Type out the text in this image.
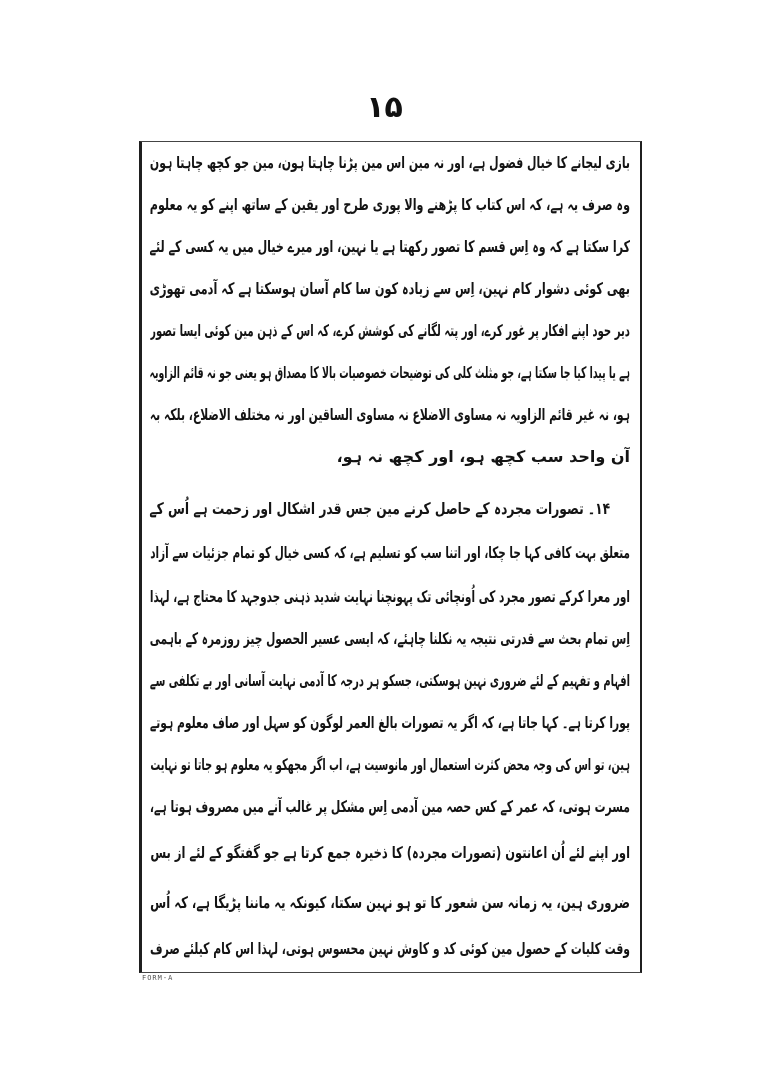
۱۵
بازی لیجانے کا خیال فضول ہے، اور نہ مین اس مین پڑنا چاہتا ہون، مین جو کچھ چاہتا ہون
وہ صرف یہ ہے، کہ اس کتاب کا پڑھنے والا پوری طرح اور یقین کے ساتھ اپنے کو یہ معلوم
کرا سکتا ہے کہ وہ اِس قسم کا تصور رکھتا ہے یا نہین، اور میرے خیال میں یہ کسی کے لئے
بھی کوئی دشوار کام نہین، اِس سے زیادہ کون سا کام آسان ہوسکتا ہے کہ آدمی تھوڑی
دیر حود اپنے افکار پر غور کرے، اور پتہ لگانے کی کوشش کرے، کہ اس کے ذہن مین کوئی ایسا تصور
ہے یا پیدا کیا جا سکتا ہے، جو مثلث کلی کی توضیحات خصوصیات بالا کا مصداق ہو یعنی جو نہ قائم الزاویہ
ہو، نہ غیر قائم الزاویہ نہ مساوی الاضلاع نہ مساوی الساقین اور نہ مختلف الاضلاع، بلکہ بہ
آن واحد سب کچھ ہو، اور کچھ نہ ہو،
۱۴۔ تصورات مجردہ کے حاصل کرنے مین جس قدر اشکال اور زحمت ہے اُس کے
متعلق بہت کافی کہا جا چکا، اور اتنا سب کو تسلیم ہے، کہ کسی خیال کو تمام جزئیات سے آزاد
اور معرا کرکے تصور مجرد کی اُونچائی تک پہونچنا نہایت شدید ذہنی جدوجہد کا محتاج ہے، لہذا
اِس تمام بحث سے قدرتی نتیجہ یہ نکلنا چاہئے، کہ ایسی عسیر الحصول چیز روزمرہ کے باہمی
افہام و تفہیم کے لئے ضروری نہین ہوسکتی، جسکو ہر درجہ کا آدمی نہایت آسانی اور بے تکلفی سے
پورا کرتا ہے۔ کہا جاتا ہے، کہ اگر یہ تصورات بالغ العمر لوگون کو سہل اور صاف معلوم ہوتے
ہین، تو اس کی وجہ محض کثرت استعمال اور مانوسیت ہے، اب اگر مجھکو یہ معلوم ہو جاتا تو نہایت
مسرت ہوتی، کہ عمر کے کس حصہ مین آدمی اِس مشکل پر غالب آنے میں مصروف ہوتا ہے،
اور اپنے لئے اُن اعانتون (تصورات مجردہ) کا ذخیرہ جمع کرتا ہے جو گفتگو کے لئے از بس
ضروری ہین، یہ زمانہ سن شعور کا تو ہو نہین سکتا، کیونکہ یہ ماننا پڑیگا ہے، کہ اُس
وقت کلیات کے حصول مین کوئی کد و کاوش نہین محسوس ہوتی، لہذا اس کام کیلئے صرف
FORM-A
